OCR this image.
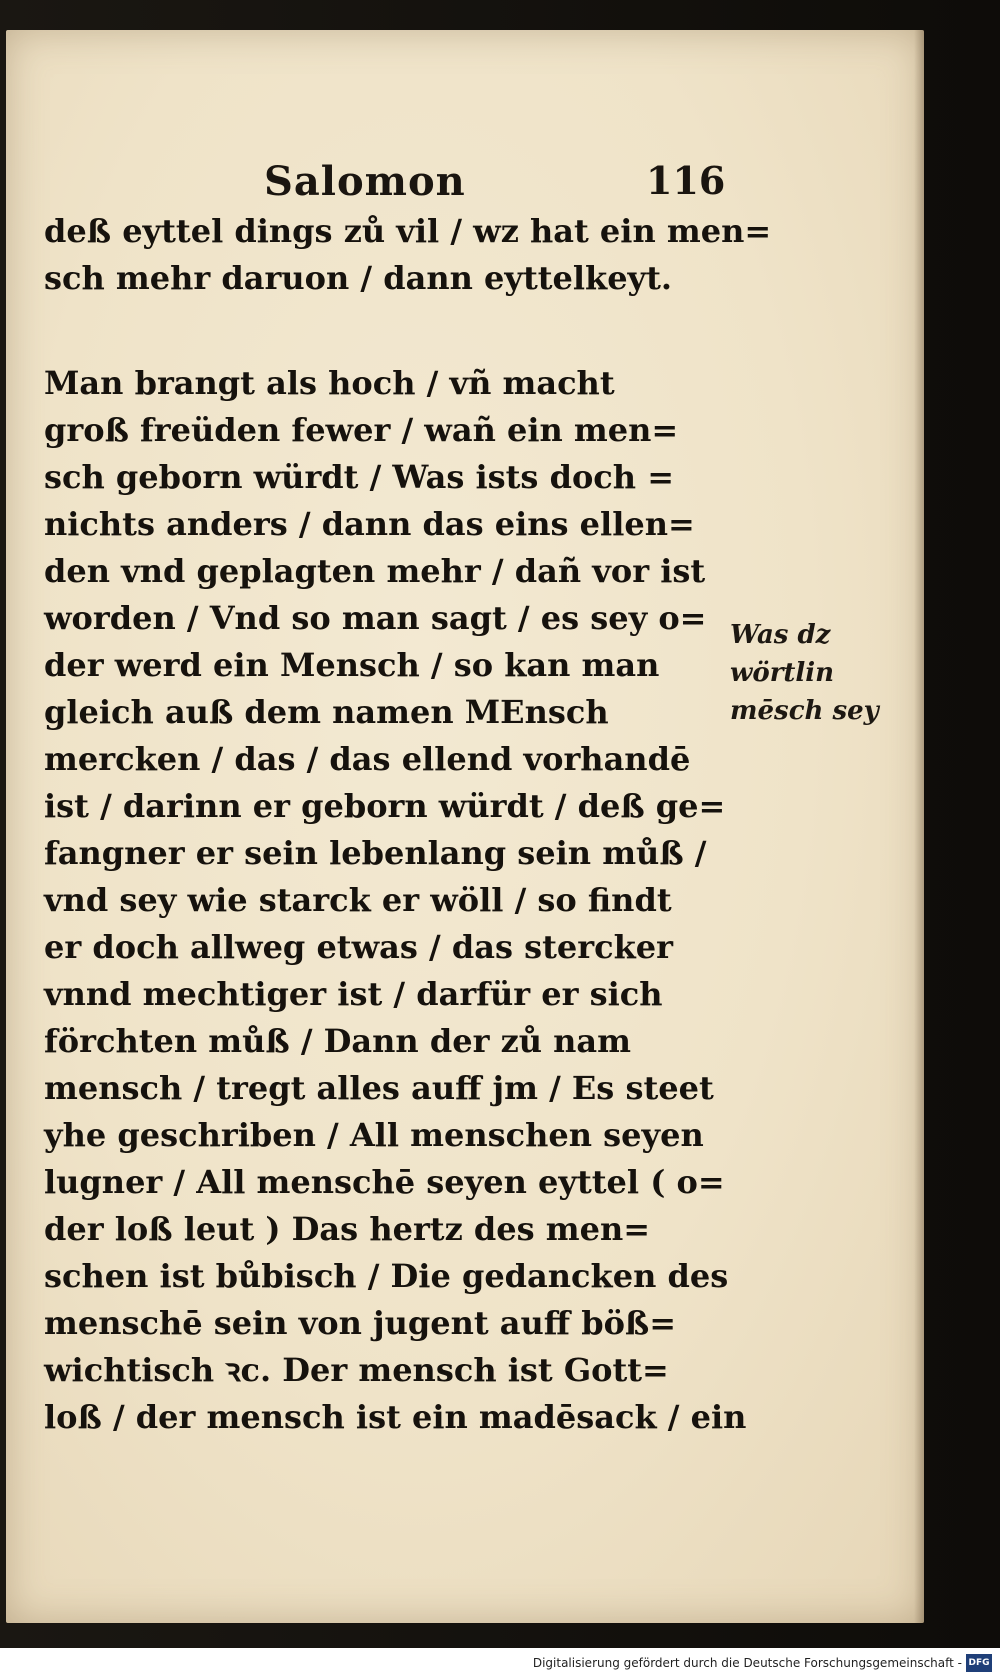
Salomon	116
deß eyttel dings zů vil / wz hat ein men=
sch mehr daruon / dann eyttelkeyt.
Man brangt als hoch / vñ macht
groß freüden fewer / wañ ein men=
sch geborn würdt / Was ists doch =
nichts anders / dann das eins ellen=
den vnd geplagten mehr / dañ vor ist
worden / Vnd so man sagt / es sey o=
der werd ein Mensch / so kan man
gleich auß dem namen MEnsch
mercken / das / das ellend vorhandē
ist / darinn er geborn würdt / deß ge=
fangner er sein lebenlang sein můß /
vnd sey wie starck er wöll / so findt
er doch allweg etwas / das stercker
vnnd mechtiger ist / darfür er sich
förchten můß / Dann der zů nam
mensch / tregt alles auff jm / Es steet
yhe geschriben / All menschen seyen
lugner / All menschē seyen eyttel ( o=
der loß leut ) Das hertz des men=
schen ist bůbisch / Die gedancken des
menschē sein von jugent auff böß=
wichtisch ꝛc. Der mensch ist Gott=
loß / der mensch ist ein madēsack / ein
Was dz
wörtlin
mēsch sey
Digitalisierung gefördert durch die Deutsche Forschungsgemeinschaft - DFG
